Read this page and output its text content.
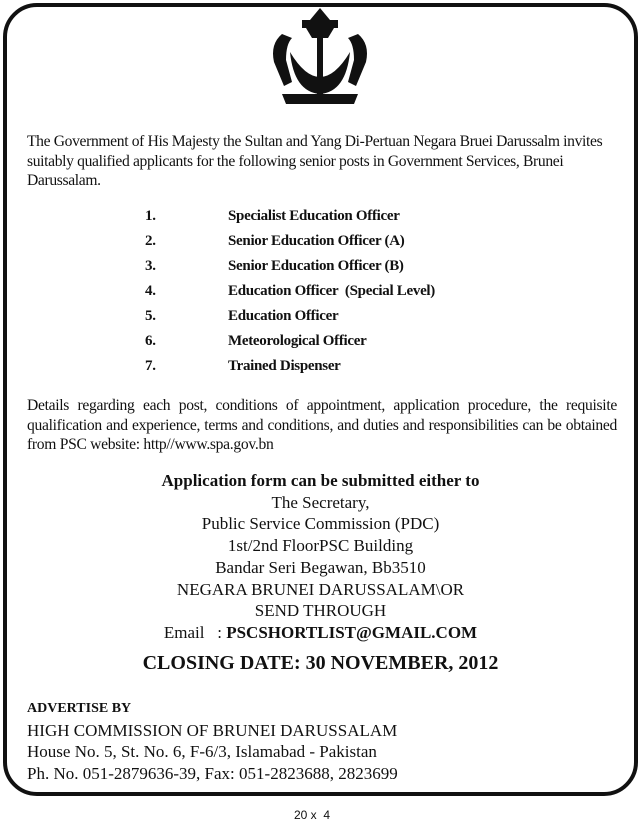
The Government of His Majesty the Sultan and Yang Di-Pertuan Negara Bruei Darussalm invites suitably qualified applicants for the following senior posts in Government Services, Brunei Darussalam.
1.	Specialist Education Officer
2.	Senior Education Officer (A)
3.	Senior Education Officer (B)
4.	Education Officer  (Special Level)
5.	Education Officer
6.	Meteorological Officer
7.	Trained Dispenser
Details regarding each post, conditions of appointment, application procedure, the requisite qualification and experience, terms and conditions, and duties and responsibilities can be obtained from PSC website: http//www.spa.gov.bn
Application form can be submitted either to
The Secretary,
Public Service Commission (PDC)
1st/2nd FloorPSC Building
Bandar Seri Begawan, Bb3510
NEGARA BRUNEI DARUSSALAM\OR
SEND THROUGH
Email   : PSCSHORTLIST@GMAIL.COM
CLOSING DATE: 30 NOVEMBER, 2012
ADVERTISE BY
HIGH COMMISSION OF BRUNEI DARUSSALAM
House No. 5, St. No. 6, F-6/3, Islamabad - Pakistan
Ph. No. 051-2879636-39, Fax: 051-2823688, 2823699
20 x  4
